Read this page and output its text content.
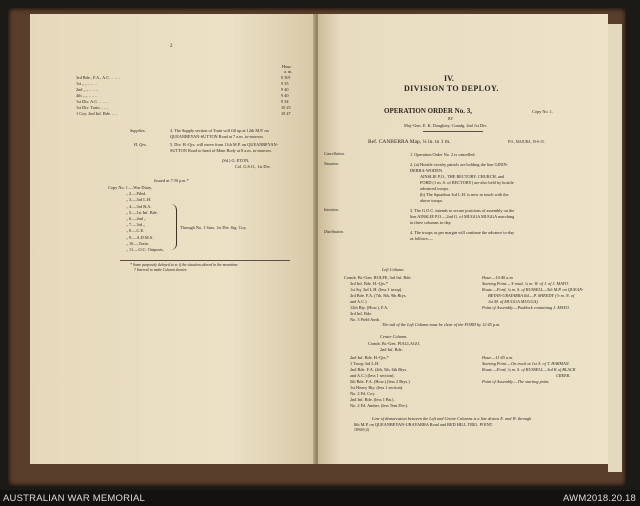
2
Hour.
a. m.
3rd Bde., F.A., A.C. .. .. ..	9 30†
1st „ „ .. .. ..	9 35
2nd „ „ .. .. ..	9 40
4th „ „ .. .. ..	9 40
1st Div. A.C. .. .. ..	9 34
1st Div. Train .. .. ..	10 25
1 Coy. 2nd Inf. Bde. .. ..	10 47
Supplies.	4. The Supply section of Train will fill up at 12th M.P. on
QUEANBEYAN-SUTTON Road at 7 a.m. to-morrow.
H. Qrs.	5. Div. H.-Qrs. will move from 11th M.P. on QUEANBEYAN-
SUTTON Road to head of Main Body at 8 a.m. to-morrow.
(Sd.) G. ETON,
Col. G.S.O., 1st Div.
Issued at 7·30 p.m.*
Copy No. 1.—War Diary.
„ 2.—Filed.
„ 3.—3rd L.H.
„ 4.—3rd B.A.
„ 5.—1st Inf. Bde.
„ 6.—2nd „
„ 7.—3rd „
„ 8.—C.E.
„ 9.—A.D.M.S.
„ 10.—Train.
„ 11.—O.C. Outposts.
Through No. 1 Sass. 1st Div. Sig. Coy.
* Some purposely delayed to se if the situation altered in the meantime.
† Interval to make Column shorter.
IV.
DIVISION TO DEPLOY.
OPERATION ORDER No. 3,	Copy No. 1.
BY
Maj.-Gen. E. K. Doughtey, Comdg. 2nd 1st Div.
Ref. CANBERRA Map, ¼ in. to 1 m.	P.O., MAJURA, 19-6-15.
Cancellation.	1. Operation Order No. 2 is cancelled.
Situation.	2. (a) Hostile cavalry patrols are holding the line GININ-
DERRA-WODEN.
AINSLIE P.O., THE RECTORY, CHURCH, and
FORD (1 m. S. of RECTORY) are also held by hostile
advanced troops.
(b) The Squadron 3rd L.H. is now in touch with the
above troops.
Intention.	3. The G.O.C. intends to secure positions of assembly on the
line AINSLIE P.O.—2nd G. of MUGGA MUGGA marching
in three columns to-day.
Distribution.	4. The troops as per margin will continue the advance to-day
as follows:—
Left Column.
Comdr. Br.-Gen. ROLFE, 3rd Inf. Bde.
3rd Inf. Bde. H.-Qrs.*
1st Sq. 3rd L.H. (less 1 troop).
3rd Bde. F.A. (7th, 8th, 9th Btys.
and A.C.)
12th Bty. (How.), F.A.
3rd Inf. Bde.
No. 3 Field Amb.
Hour.—10·40 a.m.
Starting Point.—Y road, ¼ m. W. of J. of J. MAYO.
Route.—Ford, ¼ m. S. of RUSSELL—5th M.P. on QUEAN-
BEYAN-URAYARRA Rd.—P. SHEEDY (½ m. N. of
1st M. of MUGGA MUGGA).
Point of Assembly.—Paddock containing J. MAYO.
The tail of the Left Column must be clear of the FORD by 12·45 p.m.
Centre Column.
Comdr. Br.-Gen. PIALLAGO,
2nd Inf. Bde.
2nd Inf. Bde. H.-Qrs.*
1 Troop 3rd L.H.
2nd Bde. F.A. (4th, 5th, 6th Btys.
and A.C.) (less 1 section).
5th Bde. F.A. (How.) (less 2 Btys.)
1st Heavy Bty. (less 1 section).
No. 2 Fd. Coy.
2nd Inf. Bde. (less 1 Bn.).
No. 2 Fd. Amber. (less Tent Div.).
Hour.—11·45 a.m.
Starting Point.—On track at 1st A. of T. HARMAN.
Route.—Ford, ¼ m. S. of RUSSELL—3rd K of BLACK
CREEK.
Point of Assembly.—The starting point.
Line of demarcation between the Left and Centre Columns is a line drawn E. and W. through
8th M.P. on QUEANBEYAN-URAYARRA Road and RED HILL TRIG. POINT.
18949 (4)
AUSTRALIAN WAR MEMORIAL	AWM2018.20.18
